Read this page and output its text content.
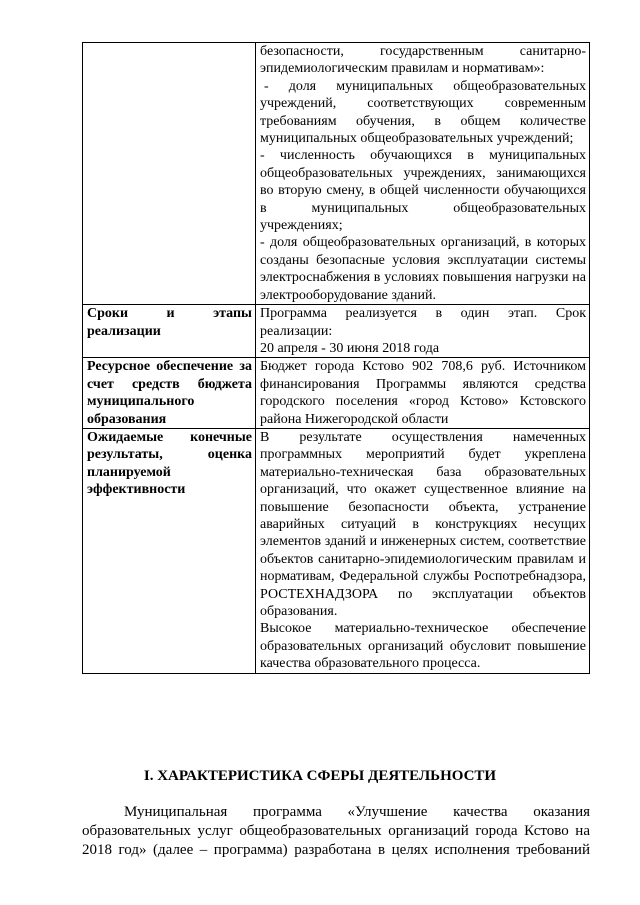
	безопасности, государственным санитарно-эпидемиологическим правилам и нормативам»:

- доля муниципальных общеобразовательных учреждений, соответствующих современным требованиям обучения, в общем количестве муниципальных общеобразовательных учреждений;

- численность обучающихся в муниципальных общеобразовательных учреждениях, занимающихся во вторую смену, в общей численности обучающихся в муниципальных общеобразовательных учреждениях;

- доля общеобразовательных организаций, в которых созданы безопасные условия эксплуатации системы электроснабжения в условиях повышения нагрузки на электрооборудование зданий.

Сроки и этапы реализации	Программа реализуется в один этап. Срок реализации:

20 апреля - 30 июня 2018 года

Ресурсное обеспечение за счет средств бюджета муниципального образования	Бюджет города Кстово 902 708,6 руб. Источником финансирования Программы являются средства городского поселения «город Кстово» Кстовского района Нижегородской области

Ожидаемые конечные результаты, оценка планируемой эффективности	В результате осуществления намеченных программных мероприятий будет укреплена материально-техническая база образовательных организаций, что окажет существенное влияние на повышение безопасности объекта, устранение аварийных ситуаций в конструкциях несущих элементов зданий и инженерных систем, соответствие объектов санитарно-эпидемиологическим правилам и нормативам, Федеральной службы Роспотребнадзора, РОСТЕХНАДЗОРА по эксплуатации объектов образования.

Высокое материально-техническое обеспечение образовательных организаций обусловит повышение качества образовательного процесса.

I. ХАРАКТЕРИСТИКА СФЕРЫ ДЕЯТЕЛЬНОСТИ

Муниципальная программа «Улучшение качества оказания
образовательных услуг общеобразовательных организаций города Кстово на
2018 год» (далее – программа) разработана в целях исполнения требований
